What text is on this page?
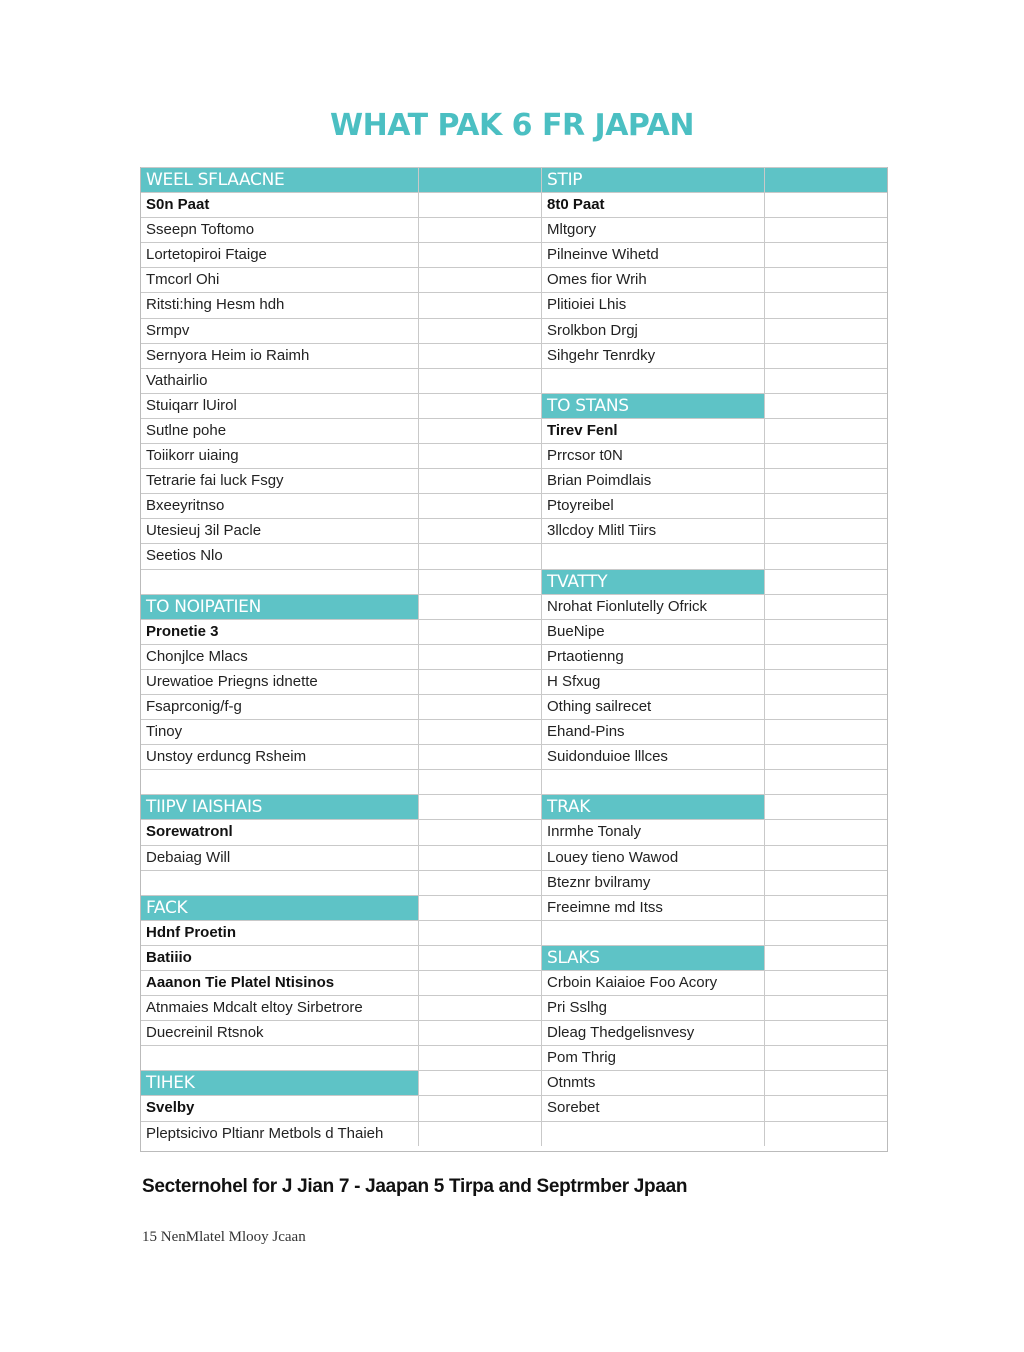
WHAT PAK 6 FR JAPAN
WEEL SFLAACNE
S0n Paat
Sseepn Toftomo
Lortetopiroi Ftaige
Tmcorl Ohi
Ritsti:hing Hesm hdh
Srmpv
Sernyora Heim io Raimh
Vathairlio
Stuiqarr lUirol
Sutlne pohe
Toiikorr uiaing
Tetrarie fai luck Fsgy
Bxeeyritnso
Utesieuj 3il Pacle
Seetios Nlo
TO NOIPATIEN
Pronetie 3
Chonjlce Mlacs
Urewatioe Priegns idnette
Fsaprconig/f-g
Tinoy
Unstoy erduncg Rsheim
TIIPV IAISHAIS
Sorewatronl
Debaiag Will
FACK
Hdnf Proetin
Batiiio
Aaanon Tie Platel Ntisinos
Atnmaies Mdcalt eltoy Sirbetrore
Duecreinil Rtsnok
TIHEK
Svelby
Pleptsicivo Pltianr Metbols d Thaieh
STIP
8t0 Paat
Mltgory
Pilneinve Wihetd
Omes fior Wrih
Plitioiei Lhis
Srolkbon Drgj
Sihgehr Tenrdky
TO STANS
Tirev Fenl
Prrcsor t0N
Brian Poimdlais
Ptoyreibel
3llcdoy Mlitl Tiirs
TVATTY
Nrohat Fionlutelly Ofrick
BueNipe
Prtaotienng
H Sfxug
Othing sailrecet
Ehand-Pins
Suidonduioe lllces
TRAK
Inrmhe Tonaly
Louey tieno Wawod
Bteznr bvilramy
Freeimne md Itss
SLAKS
Crboin Kaiaioe Foo Acory
Pri Sslhg
Dleag Thedgelisnvesy
Pom Thrig
Otnmts
Sorebet
Secternohel for J Jian 7 - Jaapan 5 Tirpa and Septrmber Jpaan
15 NenMlatel Mlooy Jcaan
